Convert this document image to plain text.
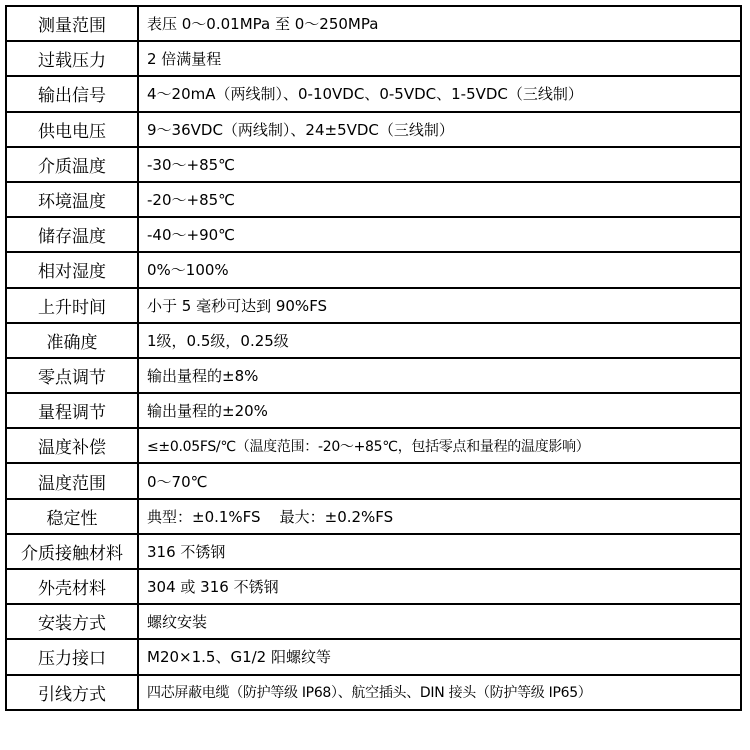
测量范围	表压 0～0.01MPa 至 0～250MPa
过载压力	2 倍满量程
输出信号	4～20mA（两线制）、0-10VDC、0-5VDC、1-5VDC（三线制）
供电电压	9～36VDC（两线制）、24±5VDC（三线制）
介质温度	-30～+85℃
环境温度	-20～+85℃
储存温度	-40～+90℃
相对湿度	0%～100%
上升时间	小于 5 毫秒可达到 90%FS
准确度	1级，0.5级，0.25级
零点调节	输出量程的±8%
量程调节	输出量程的±20%
温度补偿	≤±0.05FS/℃（温度范围：-20～+85℃，包括零点和量程的温度影响）
温度范围	0～70℃
稳定性	典型：±0.1%FS    最大：±0.2%FS
介质接触材料	316 不锈钢
外壳材料	304 或 316 不锈钢
安装方式	螺纹安装
压力接口	M20×1.5、G1/2 阳螺纹等
引线方式	四芯屏蔽电缆（防护等级 IP68）、航空插头、DIN 接头（防护等级 IP65）
